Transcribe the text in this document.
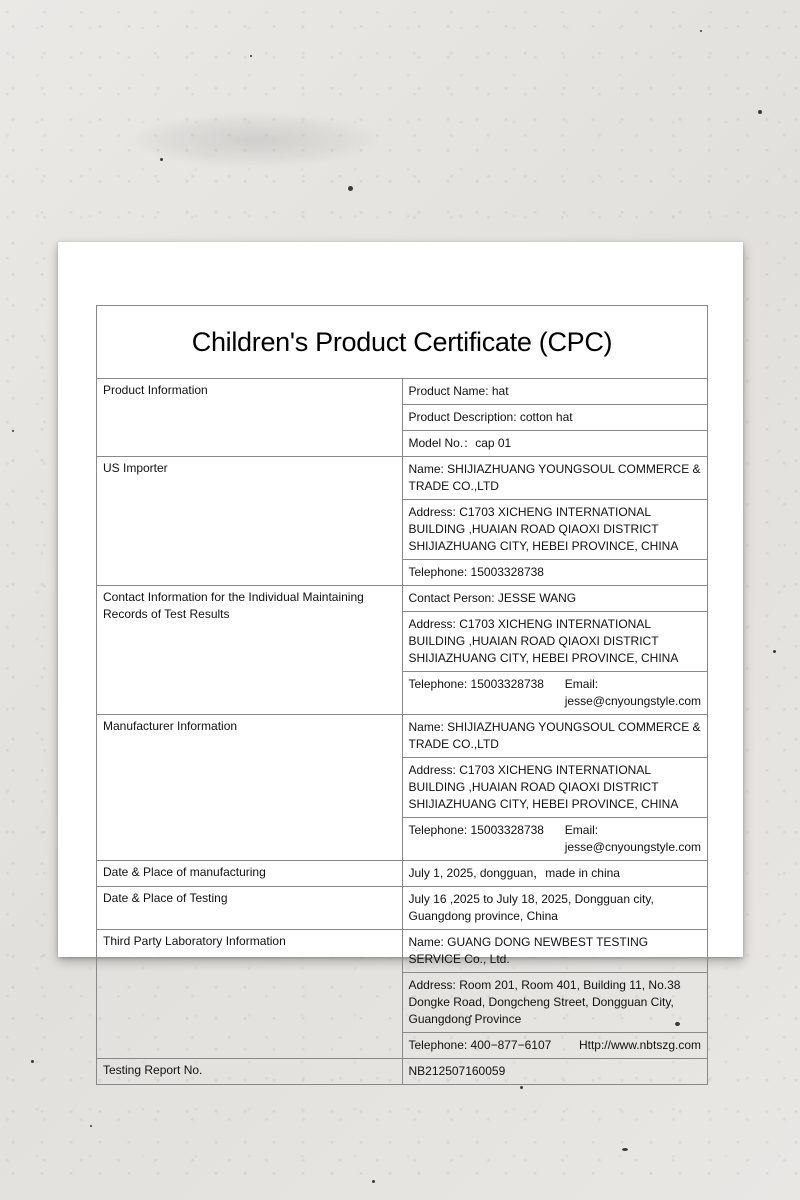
Children's Product Certificate (CPC)	
Product Information	Product Name: hat
	Product Description: cotton hat
	Model No.：cap 01
US Importer	Name: SHIJIAZHUANG YOUNGSOUL COMMERCE & TRADE CO.,LTD
	Address: C1703 XICHENG INTERNATIONAL BUILDING ,HUAIAN ROAD QIAOXI DISTRICT SHIJIAZHUANG CITY, HEBEI PROVINCE, CHINA
	Telephone: 15003328738
Contact Information for the Individual Maintaining Records of Test Results	Contact Person: JESSE WANG
	Address: C1703 XICHENG INTERNATIONAL BUILDING ,HUAIAN ROAD QIAOXI DISTRICT SHIJIAZHUANG CITY, HEBEI PROVINCE, CHINA

	Telephone: 15003328738 Email: jesse@cnyoungstyle.com

Manufacturer Information	Name: SHIJIAZHUANG YOUNGSOUL COMMERCE & TRADE CO.,LTD
	Address: C1703 XICHENG INTERNATIONAL BUILDING ,HUAIAN ROAD QIAOXI DISTRICT SHIJIAZHUANG CITY, HEBEI PROVINCE, CHINA

	Telephone: 15003328738 Email: jesse@cnyoungstyle.com

Date & Place of manufacturing	July 1, 2025, dongguan，made in china
Date & Place of Testing	July 16 ,2025 to July 18, 2025, Dongguan city, Guangdong province, China
Third Party Laboratory Information	Name: GUANG DONG NEWBEST TESTING SERVICE Co., Ltd.
	Address: Room 201, Room 401, Building 11, No.38 Dongke Road, Dongcheng Street, Dongguan City, Guangdong Province

	Telephone: 400−877−6107 Http://www.nbtszg.com

Testing Report No.	NB212507160059
